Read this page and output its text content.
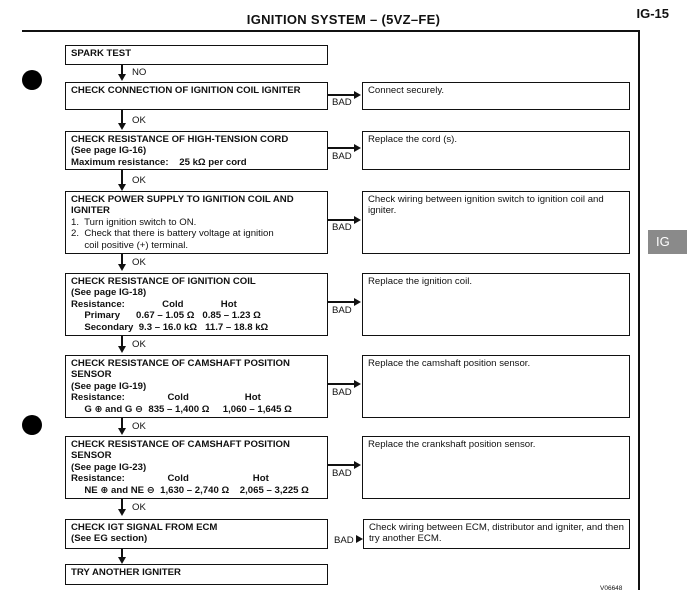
IGNITION SYSTEM – (5VZ–FE)	IG-15
IG
SPARK TEST
NO
CHECK CONNECTION OF IGNITION COIL IGNITER
BAD
Connect securely.
OK
CHECK RESISTANCE OF HIGH-TENSION CORD
(See page IG-16)
Maximum resistance:    25 kΩ per cord
BAD
Replace the cord (s).
OK
CHECK POWER SUPPLY TO IGNITION COIL AND IGNITER
1.  Turn ignition switch to ON.
2.  Check that there is battery voltage at ignition
coil positive (+) terminal.
BAD
Check wiring between ignition switch to ignition coil and igniter.
OK
CHECK RESISTANCE OF IGNITION COIL
(See page IG-18)
Resistance:              Cold              Hot
Primary      0.67 – 1.05 Ω   0.85 – 1.23 Ω
Secondary  9.3 – 16.0 kΩ   11.7 – 18.8 kΩ
BAD
Replace the ignition coil.
OK
CHECK RESISTANCE OF CAMSHAFT POSITION SENSOR
(See page IG-19)
Resistance:                Cold                     Hot
G ⊕ and G ⊖  835 – 1,400 Ω     1,060 – 1,645 Ω
BAD
Replace the camshaft position sensor.
OK
CHECK RESISTANCE OF CAMSHAFT POSITION SENSOR
(See page IG-23)
Resistance:                Cold                        Hot
NE ⊕ and NE ⊖  1,630 – 2,740 Ω    2,065 – 3,225 Ω
BAD
Replace the crankshaft position sensor.
OK
CHECK IGT SIGNAL FROM ECM
(See EG section)	BAD
Check wiring between ECM, distributor and igniter, and then try another ECM.
TRY ANOTHER IGNITER
V06648
